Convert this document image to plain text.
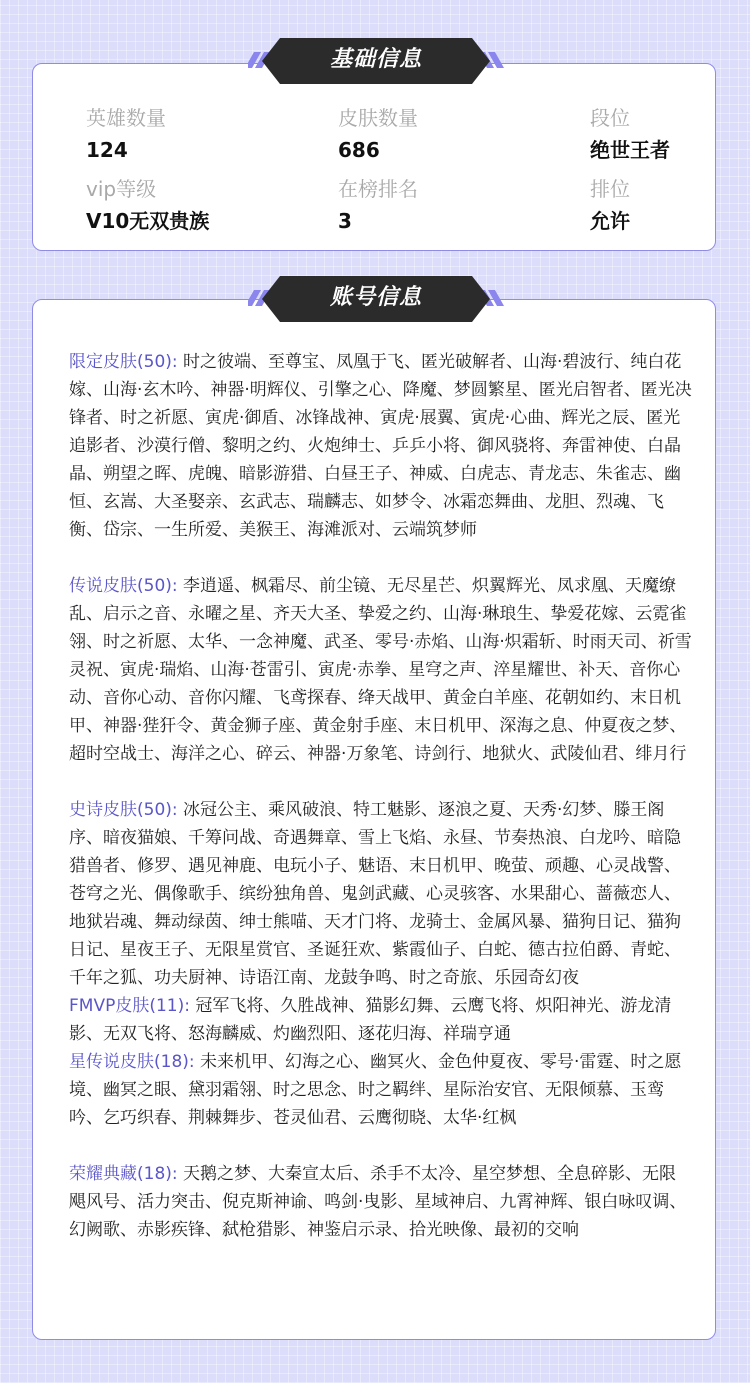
英雄数量
124
皮肤数量
686
段位
绝世王者
vip等级
V10无双贵族
在榜排名
3
排位
允许

限定皮肤(50): 时之彼端、至尊宝、凤凰于飞、匿光破解者、山海·碧波行、纯白花嫁、山海·玄木吟、神器·明辉仪、引擎之心、降魔、梦圆繁星、匿光启智者、匿光决锋者、时之祈愿、寅虎·御盾、冰锋战神、寅虎·展翼、寅虎·心曲、辉光之辰、匿光追影者、沙漠行僧、黎明之约、火炮绅士、乒乒小将、御风骁将、奔雷神使、白晶晶、朔望之晖、虎魄、暗影游猎、白昼王子、神威、白虎志、青龙志、朱雀志、幽恒、玄嵩、大圣娶亲、玄武志、瑞麟志、如梦令、冰霜恋舞曲、龙胆、烈魂、飞衡、岱宗、一生所爱、美猴王、海滩派对、云端筑梦师

传说皮肤(50): 李逍遥、枫霜尽、前尘镜、无尽星芒、炽翼辉光、凤求凰、天魔缭乱、启示之音、永曜之星、齐天大圣、挚爱之约、山海·琳琅生、挚爱花嫁、云霓雀翎、时之祈愿、太华、一念神魔、武圣、零号·赤焰、山海·炽霜斩、时雨天司、祈雪灵祝、寅虎·瑞焰、山海·苍雷引、寅虎·赤拳、星穹之声、淬星耀世、补天、音你心动、音你心动、音你闪耀、飞鸢探春、绛天战甲、黄金白羊座、花朝如约、末日机甲、神器·狴犴令、黄金狮子座、黄金射手座、末日机甲、深海之息、仲夏夜之梦、超时空战士、海洋之心、碎云、神器·万象笔、诗剑行、地狱火、武陵仙君、绯月行

史诗皮肤(50): 冰冠公主、乘风破浪、特工魅影、逐浪之夏、天秀·幻梦、滕王阁序、暗夜猫娘、千筹问战、奇遇舞章、雪上飞焰、永昼、节奏热浪、白龙吟、暗隐猎兽者、修罗、遇见神鹿、电玩小子、魅语、末日机甲、晚萤、顽趣、心灵战警、苍穹之光、偶像歌手、缤纷独角兽、鬼剑武藏、心灵骇客、水果甜心、蔷薇恋人、地狱岩魂、舞动绿茵、绅士熊喵、天才门将、龙骑士、金属风暴、猫狗日记、猫狗日记、星夜王子、无限星赏官、圣诞狂欢、紫霞仙子、白蛇、德古拉伯爵、青蛇、千年之狐、功夫厨神、诗语江南、龙鼓争鸣、时之奇旅、乐园奇幻夜

FMVP皮肤(11): 冠军飞将、久胜战神、猫影幻舞、云鹰飞将、炽阳神光、游龙清影、无双飞将、怒海麟威、灼幽烈阳、逐花归海、祥瑞亨通

星传说皮肤(18): 未来机甲、幻海之心、幽冥火、金色仲夏夜、零号·雷霆、时之愿境、幽冥之眼、黛羽霜翎、时之思念、时之羁绊、星际治安官、无限倾慕、玉鸾吟、乞巧织春、荆棘舞步、苍灵仙君、云鹰彻晓、太华·红枫

荣耀典藏(18): 天鹅之梦、大秦宣太后、杀手不太冷、星空梦想、全息碎影、无限飓风号、活力突击、倪克斯神谕、鸣剑·曳影、星域神启、九霄神辉、银白咏叹调、幻阙歌、赤影疾锋、弑枪猎影、神鉴启示录、拾光映像、最初的交响

基础信息
账号信息
